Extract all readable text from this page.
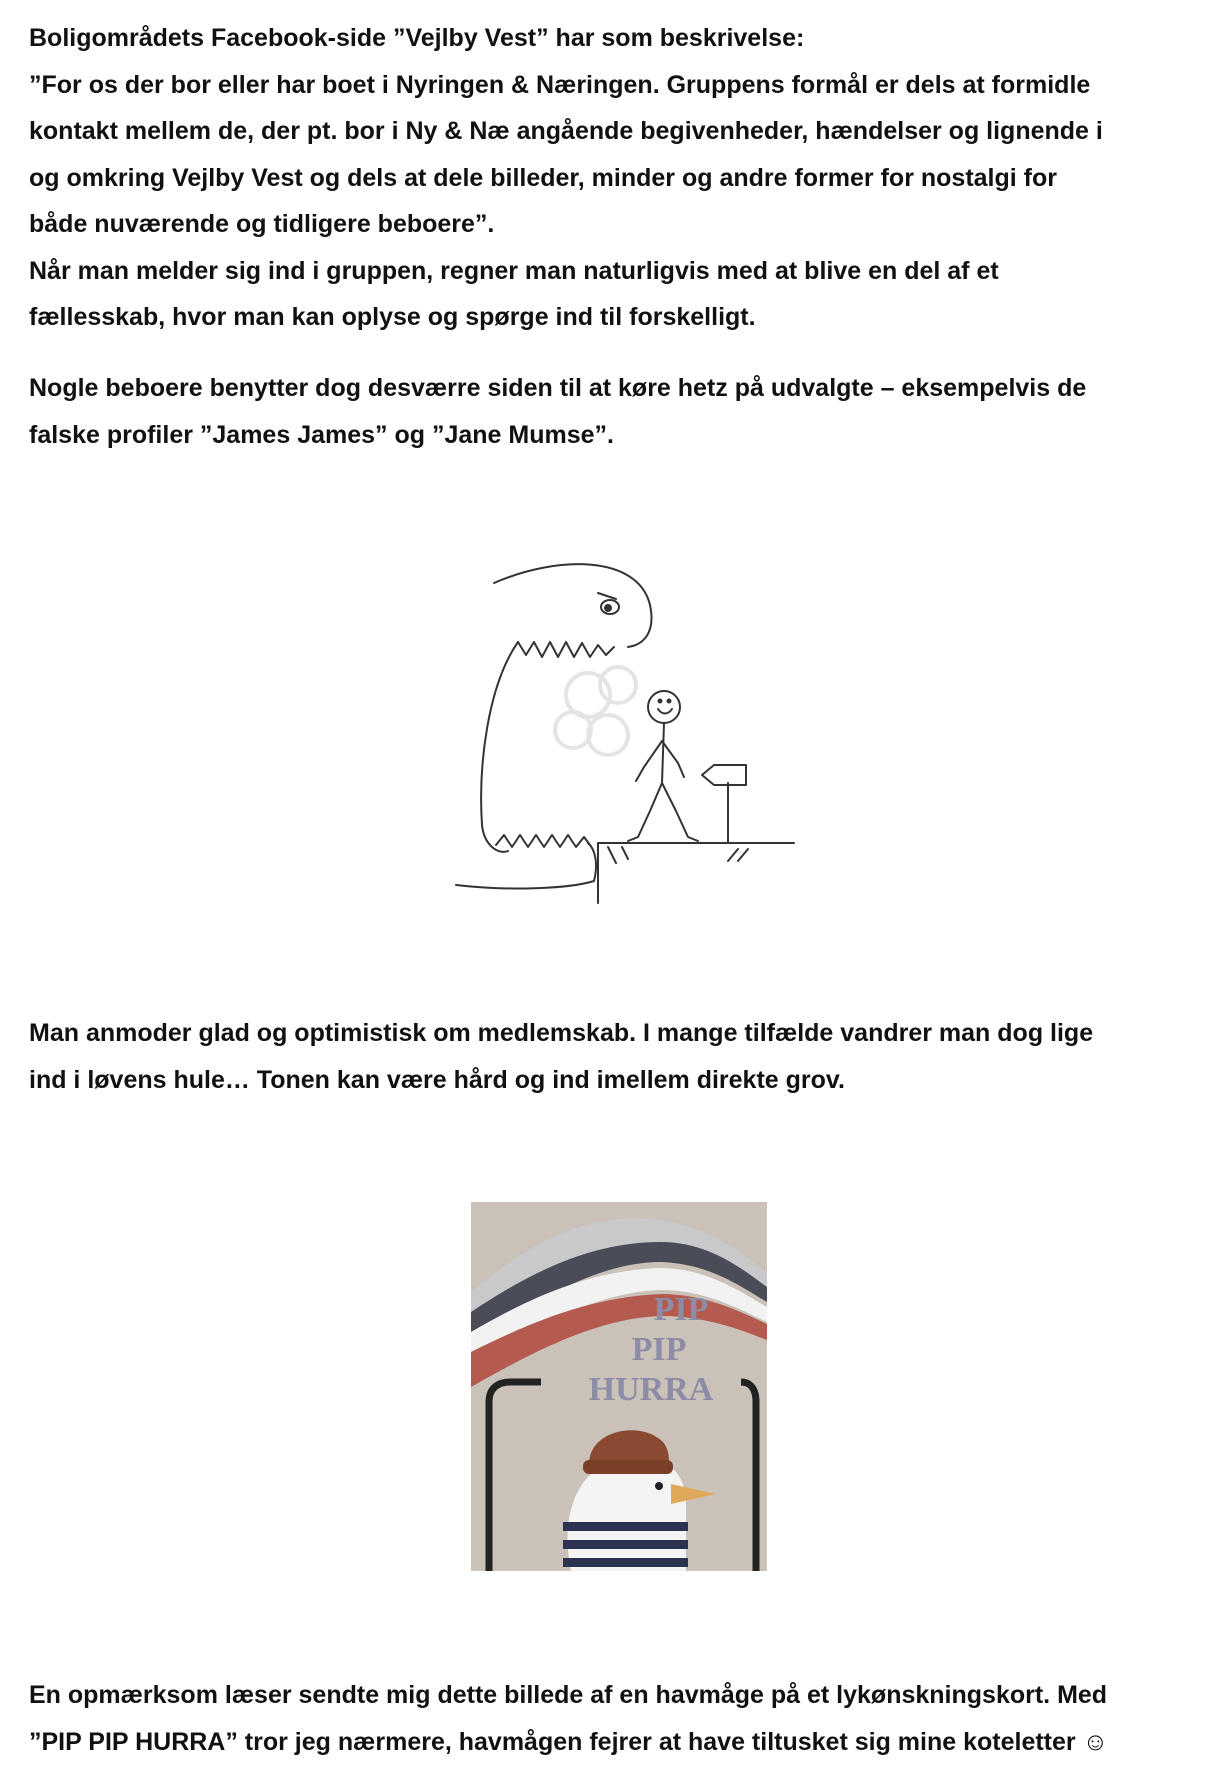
Boligområdets Facebook-side ”Vejlby Vest” har som beskrivelse:
”For os der bor eller har boet i Nyringen & Næringen. Gruppens formål er dels at formidle
kontakt mellem de, der pt. bor i Ny & Næ angående begivenheder, hændelser og lignende i
og omkring Vejlby Vest og dels at dele billeder, minder og andre former for nostalgi for
både nuværende og tidligere beboere”.
Når man melder sig ind i gruppen, regner man naturligvis med at blive en del af et
fællesskab, hvor man kan oplyse og spørge ind til forskelligt.
Nogle beboere benytter dog desværre siden til at køre hetz på udvalgte – eksempelvis de
falske profiler ”James James” og ”Jane Mumse”.
Man anmoder glad og optimistisk om medlemskab. I mange tilfælde vandrer man dog lige
ind i løvens hule… Tonen kan være hård og ind imellem direkte grov.
PIP
PIP
HURRA
En opmærksom læser sendte mig dette billede af en havmåge på et lykønskningskort. Med
”PIP PIP HURRA” tror jeg nærmere, havmågen fejrer at have tiltusket sig mine koteletter ☺
